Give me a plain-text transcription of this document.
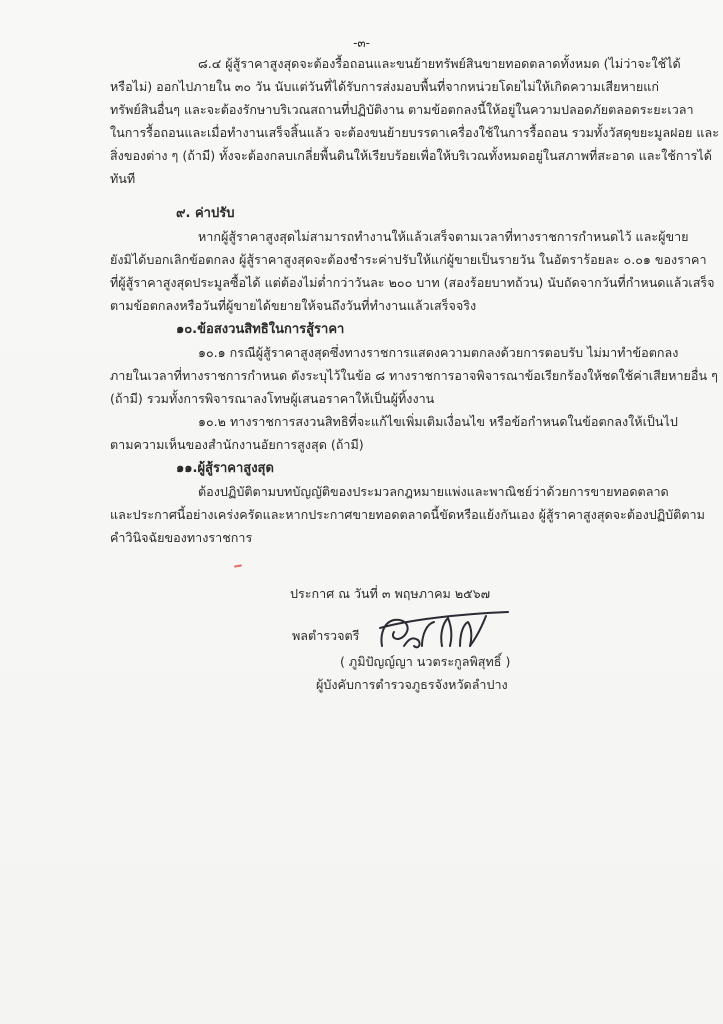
-๓-
๘.๔ ผู้สู้ราคาสูงสุดจะต้องรื้อถอนและขนย้ายทรัพย์สินขายทอดตลาดทั้งหมด (ไม่ว่าจะใช้ได้
หรือไม่) ออกไปภายใน ๓๐ วัน นับแต่วันที่ได้รับการส่งมอบพื้นที่จากหน่วยโดยไม่ให้เกิดความเสียหายแก่
ทรัพย์สินอื่นๆ และจะต้องรักษาบริเวณสถานที่ปฏิบัติงาน ตามข้อตกลงนี้ให้อยู่ในความปลอดภัยตลอดระยะเวลา
ในการรื้อถอนและเมื่อทำงานเสร็จสิ้นแล้ว จะต้องขนย้ายบรรดาเครื่องใช้ในการรื้อถอน รวมทั้งวัสดุขยะมูลฝอย และ
สิ่งของต่าง ๆ (ถ้ามี) ทั้งจะต้องกลบเกลี่ยพื้นดินให้เรียบร้อยเพื่อให้บริเวณทั้งหมดอยู่ในสภาพที่สะอาด และใช้การได้
ทันที
๙. ค่าปรับ
หากผู้สู้ราคาสูงสุดไม่สามารถทำงานให้แล้วเสร็จตามเวลาที่ทางราชการกำหนดไว้ และผู้ขาย
ยังมิได้บอกเลิกข้อตกลง ผู้สู้ราคาสูงสุดจะต้องชำระค่าปรับให้แก่ผู้ขายเป็นรายวัน ในอัตราร้อยละ ๐.๐๑ ของราคา
ที่ผู้สู้ราคาสูงสุดประมูลซื้อได้ แต่ต้องไม่ต่ำกว่าวันละ ๒๐๐ บาท (สองร้อยบาทถ้วน) นับถัดจากวันที่กำหนดแล้วเสร็จ
ตามข้อตกลงหรือวันที่ผู้ขายได้ขยายให้จนถึงวันที่ทำงานแล้วเสร็จจริง
๑๐.ข้อสงวนสิทธิในการสู้ราคา
๑๐.๑ กรณีผู้สู้ราคาสูงสุดซึ่งทางราชการแสดงความตกลงด้วยการตอบรับ ไม่มาทำข้อตกลง
ภายในเวลาที่ทางราชการกำหนด ดังระบุไว้ในข้อ ๘ ทางราชการอาจพิจารณาข้อเรียกร้องให้ชดใช้ค่าเสียหายอื่น ๆ
(ถ้ามี) รวมทั้งการพิจารณาลงโทษผู้เสนอราคาให้เป็นผู้ทิ้งงาน
๑๐.๒ ทางราชการสงวนสิทธิที่จะแก้ไขเพิ่มเติมเงื่อนไข หรือข้อกำหนดในข้อตกลงให้เป็นไป
ตามความเห็นของสำนักงานอัยการสูงสุด (ถ้ามี)
๑๑.ผู้สู้ราคาสูงสุด
ต้องปฏิบัติตามบทบัญญัติของประมวลกฎหมายแพ่งและพาณิชย์ว่าด้วยการขายทอดตลาด
และประกาศนี้อย่างเคร่งครัดและหากประกาศขายทอดตลาดนี้ขัดหรือแย้งกันเอง ผู้สู้ราคาสูงสุดจะต้องปฏิบัติตาม
คำวินิจฉัยของทางราชการ
ประกาศ ณ วันที่ ๓ พฤษภาคม ๒๕๖๗
พลตำรวจตรี
( ภูมิปัญญ์ญา นวตระกูลพิสุทธิ์ )
ผู้บังคับการตำรวจภูธรจังหวัดลำปาง
